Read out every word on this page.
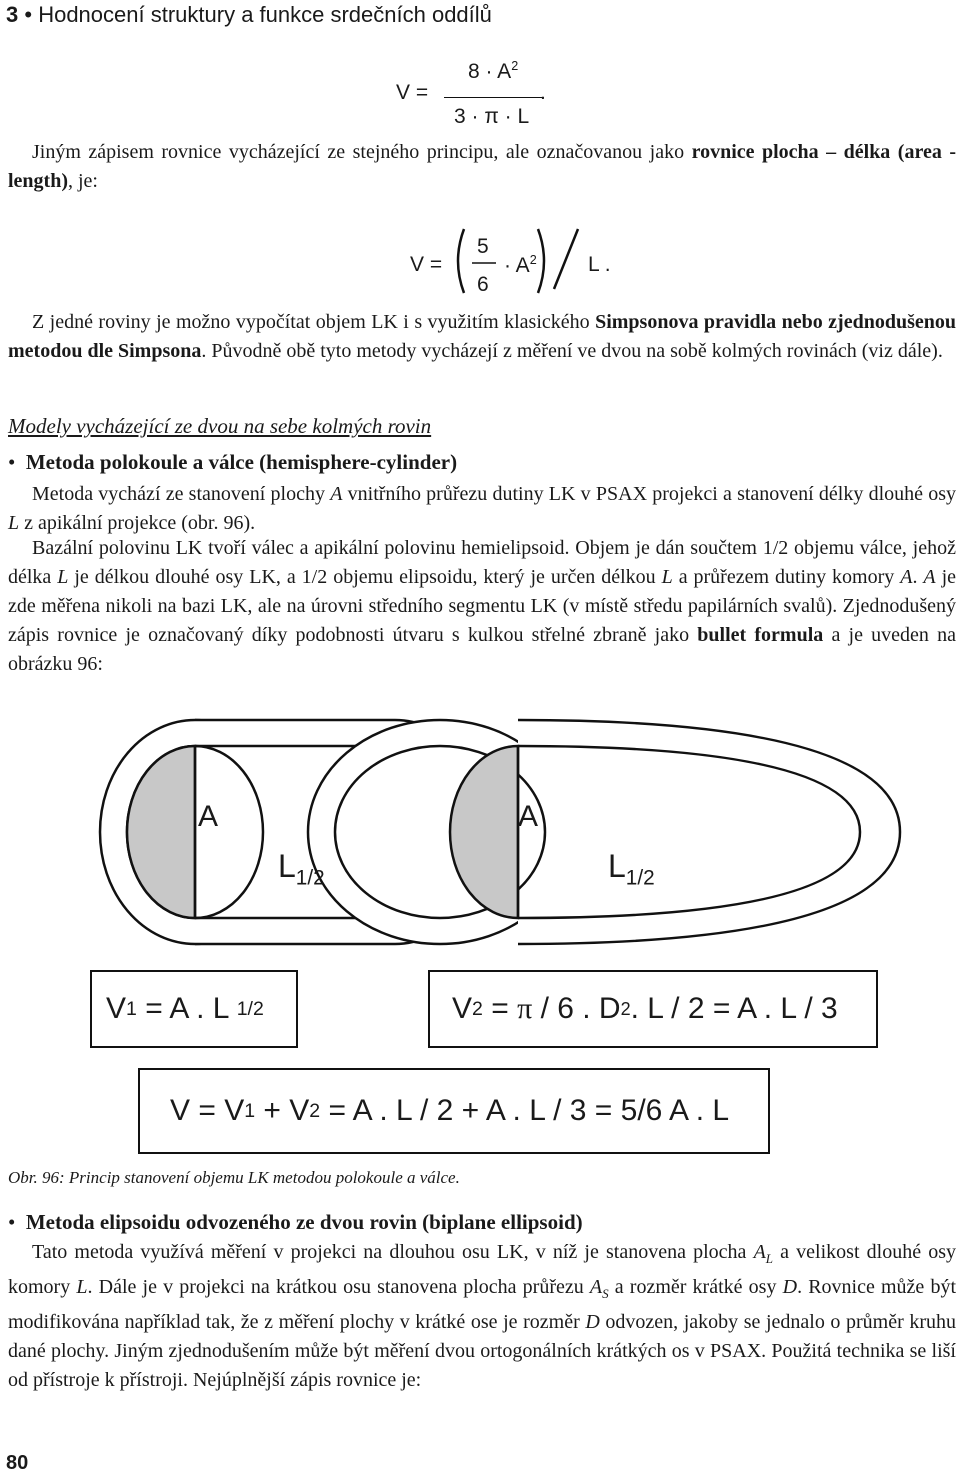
3 • Hodnocení struktury a funkce srdečních oddílů
V =
$8 \cdot A^2$
.
3 · π · L

Jiným zápisem rovnice vycházející ze stejného principu, ale označovanou jako rovnice plocha – délka (area - length), je:

V =
5
6
· $A^2$ L .

Z jedné roviny je možno vypočítat objem LK i s využitím klasického Simpsonova pravidla nebo zjednodušenou metodou dle Simpsona. Původně obě tyto metody vycházejí z měření ve dvou na sobě kolmých rovinách (viz dále).

Modely vycházející ze dvou na sebe kolmých rovin
•  Metoda polokoule a válce (hemisphere-cylinder)

Metoda vychází ze stanovení plochy A vnitřního průřezu dutiny LK v PSAX projekci a stanovení délky dlouhé osy L z apikální projekce (obr. 96).

Bazální polovinu LK tvoří válec a apikální polovinu hemielipsoid. Objem je dán součtem 1/2 objemu válce, jehož délka L je délkou dlouhé osy LK, a 1/2 objemu elipsoidu, který je určen délkou L a průřezem dutiny komory A. A je zde měřena nikoli na bazi LK, ale na úrovni středního segmentu LK (v místě středu papilárních svalů). Zjednodušený zápis rovnice je označovaný díky podobnosti útvaru s kulkou střelné zbraně jako bullet formula a je uveden na obrázku 96:

A	A
$L_{1/2}$	$L_{1/2}$
V 1 = A . L 1/2	V 2 = π / 6 . D 2 . L / 2 = A . L / 3
V = V 1 + V 2 = A . L / 2 + A . L / 3 = 5/6 A . L
Obr. 96: Princip stanovení objemu LK metodou polokoule a válce.
•  Metoda elipsoidu odvozeného ze dvou rovin (biplane ellipsoid)

Tato metoda využívá měření v projekci na dlouhou osu LK, v níž je stanovena plocha $A_L$ a velikost dlouhé osy komory L. Dále je v projekci na krátkou osu stanovena plocha průřezu $A_S$ a rozměr krátké osy D. Rovnice může být modifikována například tak, že z měření plochy v krátké ose je rozměr D odvozen, jakoby se jednalo o průměr kruhu dané plochy. Jiným zjednodušením může být měření dvou ortogonálních krátkých os v PSAX. Použitá technika se liší od přístroje k přístroji. Nejúplnější zápis rovnice je:

80
